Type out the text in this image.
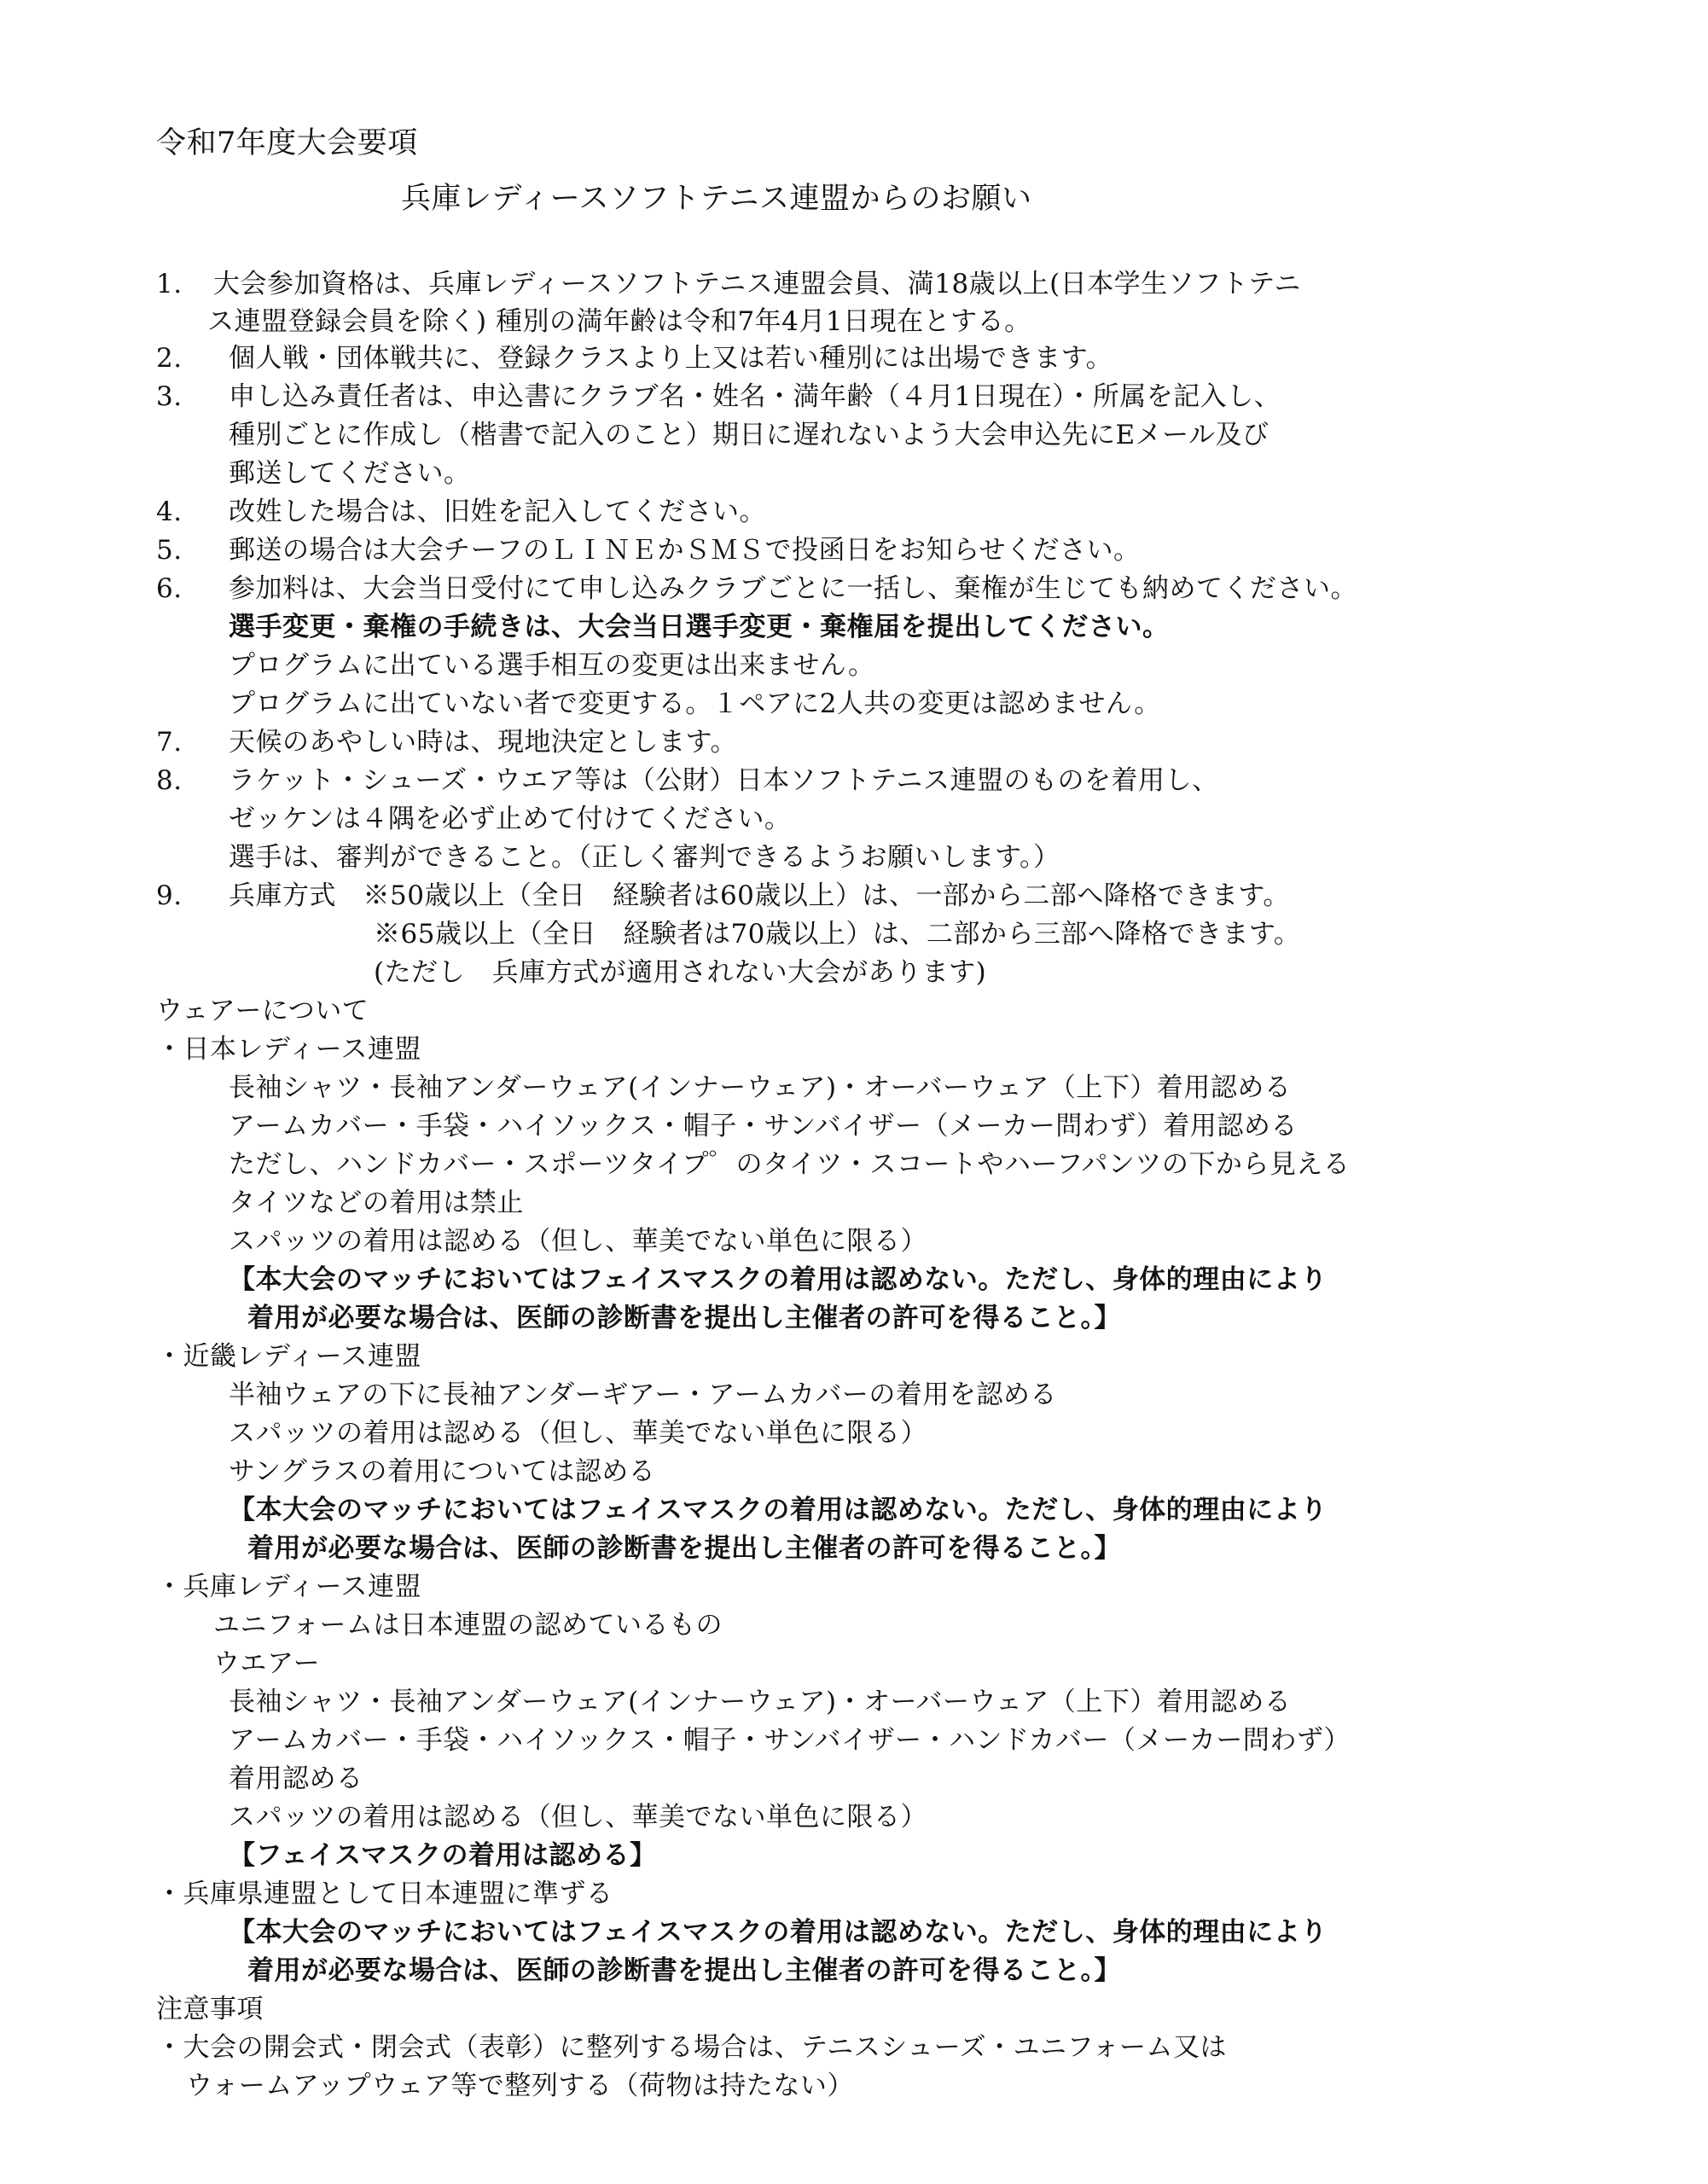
令和7年度大会要項
兵庫レディースソフトテニス連盟からのお願い
1. 大会参加資格は、兵庫レディースソフトテニス連盟会員、満18歳以上(日本学生ソフトテニ
ス連盟登録会員を除く) 種別の満年齢は令和7年4月1日現在とする。
2. 個人戦・団体戦共に、登録クラスより上又は若い種別には出場できます。
3. 申し込み責任者は、申込書にクラブ名・姓名・満年齢（４月1日現在）・所属を記入し、
種別ごとに作成し（楷書で記入のこと）期日に遅れないよう大会申込先にEメール及び
郵送してください。
4. 改姓した場合は、旧姓を記入してください。
5. 郵送の場合は大会チーフのＬＩＮＥかＳＭＳで投函日をお知らせください。
6. 参加料は、大会当日受付にて申し込みクラブごとに一括し、棄権が生じても納めてください。
選手変更・棄権の手続きは、大会当日選手変更・棄権届を提出してください。
プログラムに出ている選手相互の変更は出来ません。
プログラムに出ていない者で変更する。１ペアに2人共の変更は認めません。
7. 天候のあやしい時は、現地決定とします。
8. ラケット・シューズ・ウエア等は（公財）日本ソフトテニス連盟のものを着用し、
ゼッケンは４隅を必ず止めて付けてください。
選手は、審判ができること。（正しく審判できるようお願いします。）
9. 兵庫方式　※50歳以上（全日　経験者は60歳以上）は、一部から二部へ降格できます。
※65歳以上（全日　経験者は70歳以上）は、二部から三部へ降格できます。
(ただし　兵庫方式が適用されない大会があります)
ウェアーについて
・日本レディース連盟
長袖シャツ・長袖アンダーウェア(インナーウェア)・オーバーウェア（上下）着用認める
アームカバー・手袋・ハイソックス・帽子・サンバイザー（メーカー問わず）着用認める
ただし、ハンドカバー・スポーツタイプ゜のタイツ・スコートやハーフパンツの下から見える
タイツなどの着用は禁止
スパッツの着用は認める（但し、華美でない単色に限る）
【本大会のマッチにおいてはフェイスマスクの着用は認めない。ただし、身体的理由により
着用が必要な場合は、医師の診断書を提出し主催者の許可を得ること。】
・近畿レディース連盟
半袖ウェアの下に長袖アンダーギアー・アームカバーの着用を認める
スパッツの着用は認める（但し、華美でない単色に限る）
サングラスの着用については認める
【本大会のマッチにおいてはフェイスマスクの着用は認めない。ただし、身体的理由により
着用が必要な場合は、医師の診断書を提出し主催者の許可を得ること。】
・兵庫レディース連盟
ユニフォームは日本連盟の認めているもの
ウエアー
長袖シャツ・長袖アンダーウェア(インナーウェア)・オーバーウェア（上下）着用認める
アームカバー・手袋・ハイソックス・帽子・サンバイザー・ハンドカバー（メーカー問わず）
着用認める
スパッツの着用は認める（但し、華美でない単色に限る）
【フェイスマスクの着用は認める】
・兵庫県連盟として日本連盟に準ずる
【本大会のマッチにおいてはフェイスマスクの着用は認めない。ただし、身体的理由により
着用が必要な場合は、医師の診断書を提出し主催者の許可を得ること。】
注意事項
・大会の開会式・閉会式（表彰）に整列する場合は、テニスシューズ・ユニフォーム又は
ウォームアップウェア等で整列する（荷物は持たない）
